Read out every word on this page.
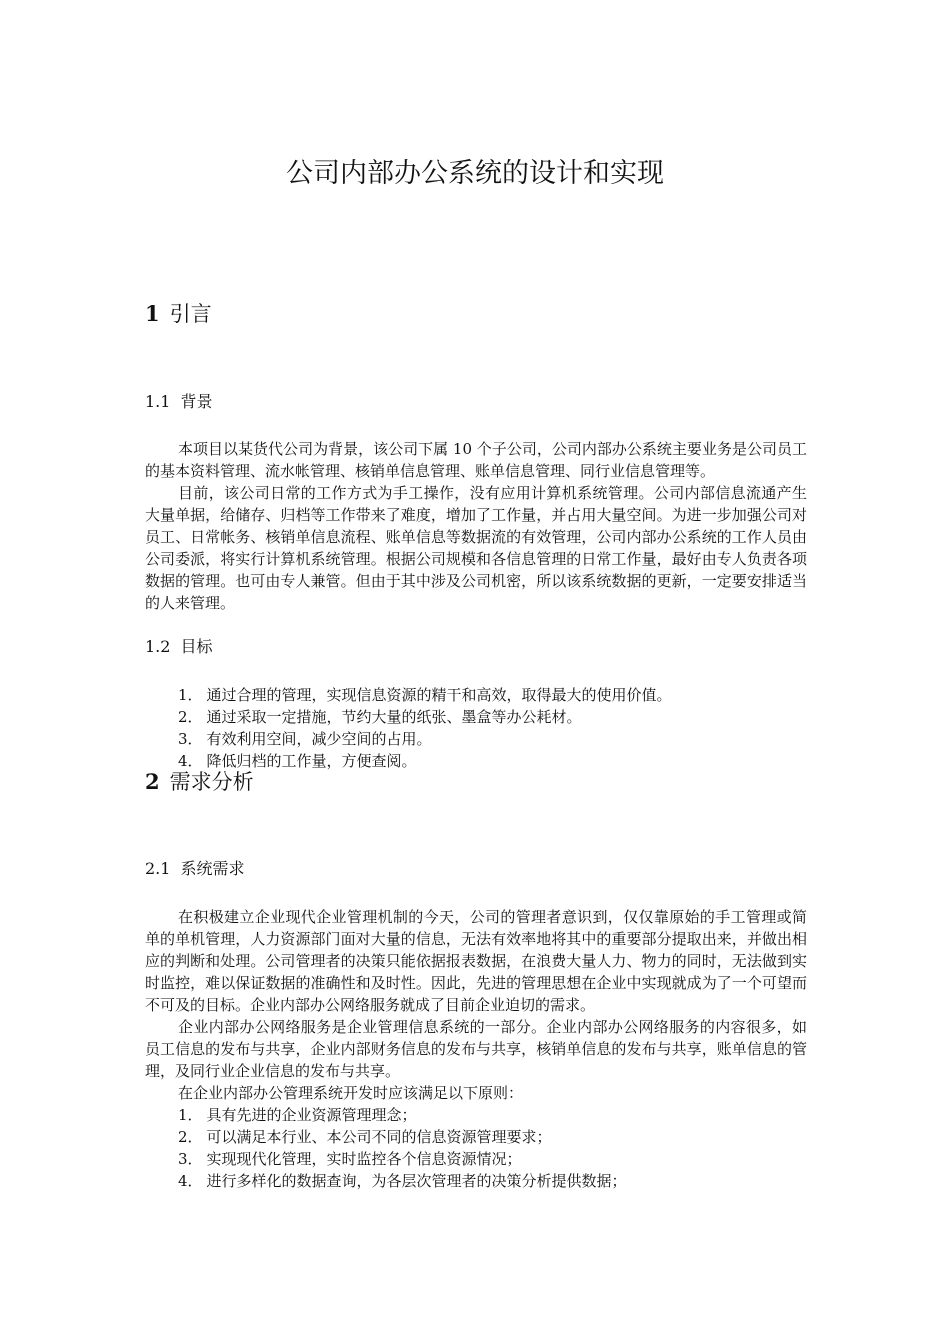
公司内部办公系统的设计和实现
1 引言
1.1 背景

本项目以某货代公司为背景，该公司下属 10 个子公司，公司内部办公系统主要业务是公司员工的基本资料管理、流水帐管理、核销单信息管理、账单信息管理、同行业信息管理等。

目前，该公司日常的工作方式为手工操作，没有应用计算机系统管理。公司内部信息流通产生大量单据，给储存、归档等工作带来了难度，增加了工作量，并占用大量空间。为进一步加强公司对员工、日常帐务、核销单信息流程、账单信息等数据流的有效管理，公司内部办公系统的工作人员由公司委派，将实行计算机系统管理。根据公司规模和各信息管理的日常工作量，最好由专人负责各项数据的管理。也可由专人兼管。但由于其中涉及公司机密，所以该系统数据的更新，一定要安排适当的人来管理。

1.2 目标

1． 通过合理的管理，实现信息资源的精干和高效，取得最大的使用价值。

2． 通过采取一定措施，节约大量的纸张、墨盒等办公耗材。

3． 有效利用空间，减少空间的占用。

4． 降低归档的工作量，方便查阅。

2 需求分析
2.1 系统需求

在积极建立企业现代企业管理机制的今天，公司的管理者意识到，仅仅靠原始的手工管理或简单的单机管理，人力资源部门面对大量的信息，无法有效率地将其中的重要部分提取出来，并做出相应的判断和处理。公司管理者的决策只能依据报表数据，在浪费大量人力、物力的同时，无法做到实时监控，难以保证数据的准确性和及时性。因此，先进的管理思想在企业中实现就成为了一个可望而不可及的目标。企业内部办公网络服务就成了目前企业迫切的需求。

企业内部办公网络服务是企业管理信息系统的一部分。企业内部办公网络服务的内容很多，如员工信息的发布与共享，企业内部财务信息的发布与共享，核销单信息的发布与共享，账单信息的管理，及同行业企业信息的发布与共享。

在企业内部办公管理系统开发时应该满足以下原则：

1． 具有先进的企业资源管理理念；

2． 可以满足本行业、本公司不同的信息资源管理要求；

3． 实现现代化管理，实时监控各个信息资源情况；

4． 进行多样化的数据查询，为各层次管理者的决策分析提供数据；
